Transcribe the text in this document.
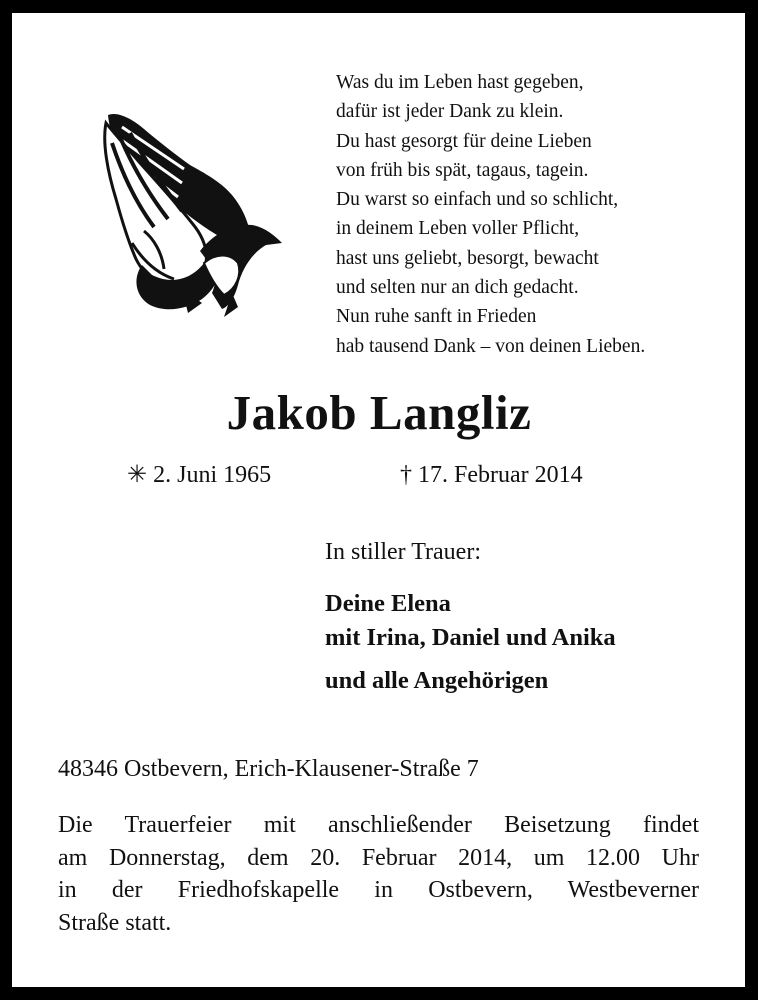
Was du im Leben hast gegeben,
dafür ist jeder Dank zu klein.
Du hast gesorgt für deine Lieben
von früh bis spät, tagaus, tagein.
Du warst so einfach und so schlicht,
in deinem Leben voller Pflicht,
hast uns geliebt, besorgt, bewacht
und selten nur an dich gedacht.
Nun ruhe sanft in Frieden
hab tausend Dank – von deinen Lieben.
Jakob Langliz
✳ 2. Juni 1965	† 17. Februar 2014
In stiller Trauer:
Deine Elena
mit Irina, Daniel und Anika
und alle Angehörigen
48346 Ostbevern, Erich-Klausener-Straße 7
Die Trauerfeier mit anschließender Beisetzung findet
am Donnerstag, dem 20. Februar 2014, um 12.00 Uhr
in der Friedhofskapelle in Ostbevern, Westbeverner
Straße statt.
